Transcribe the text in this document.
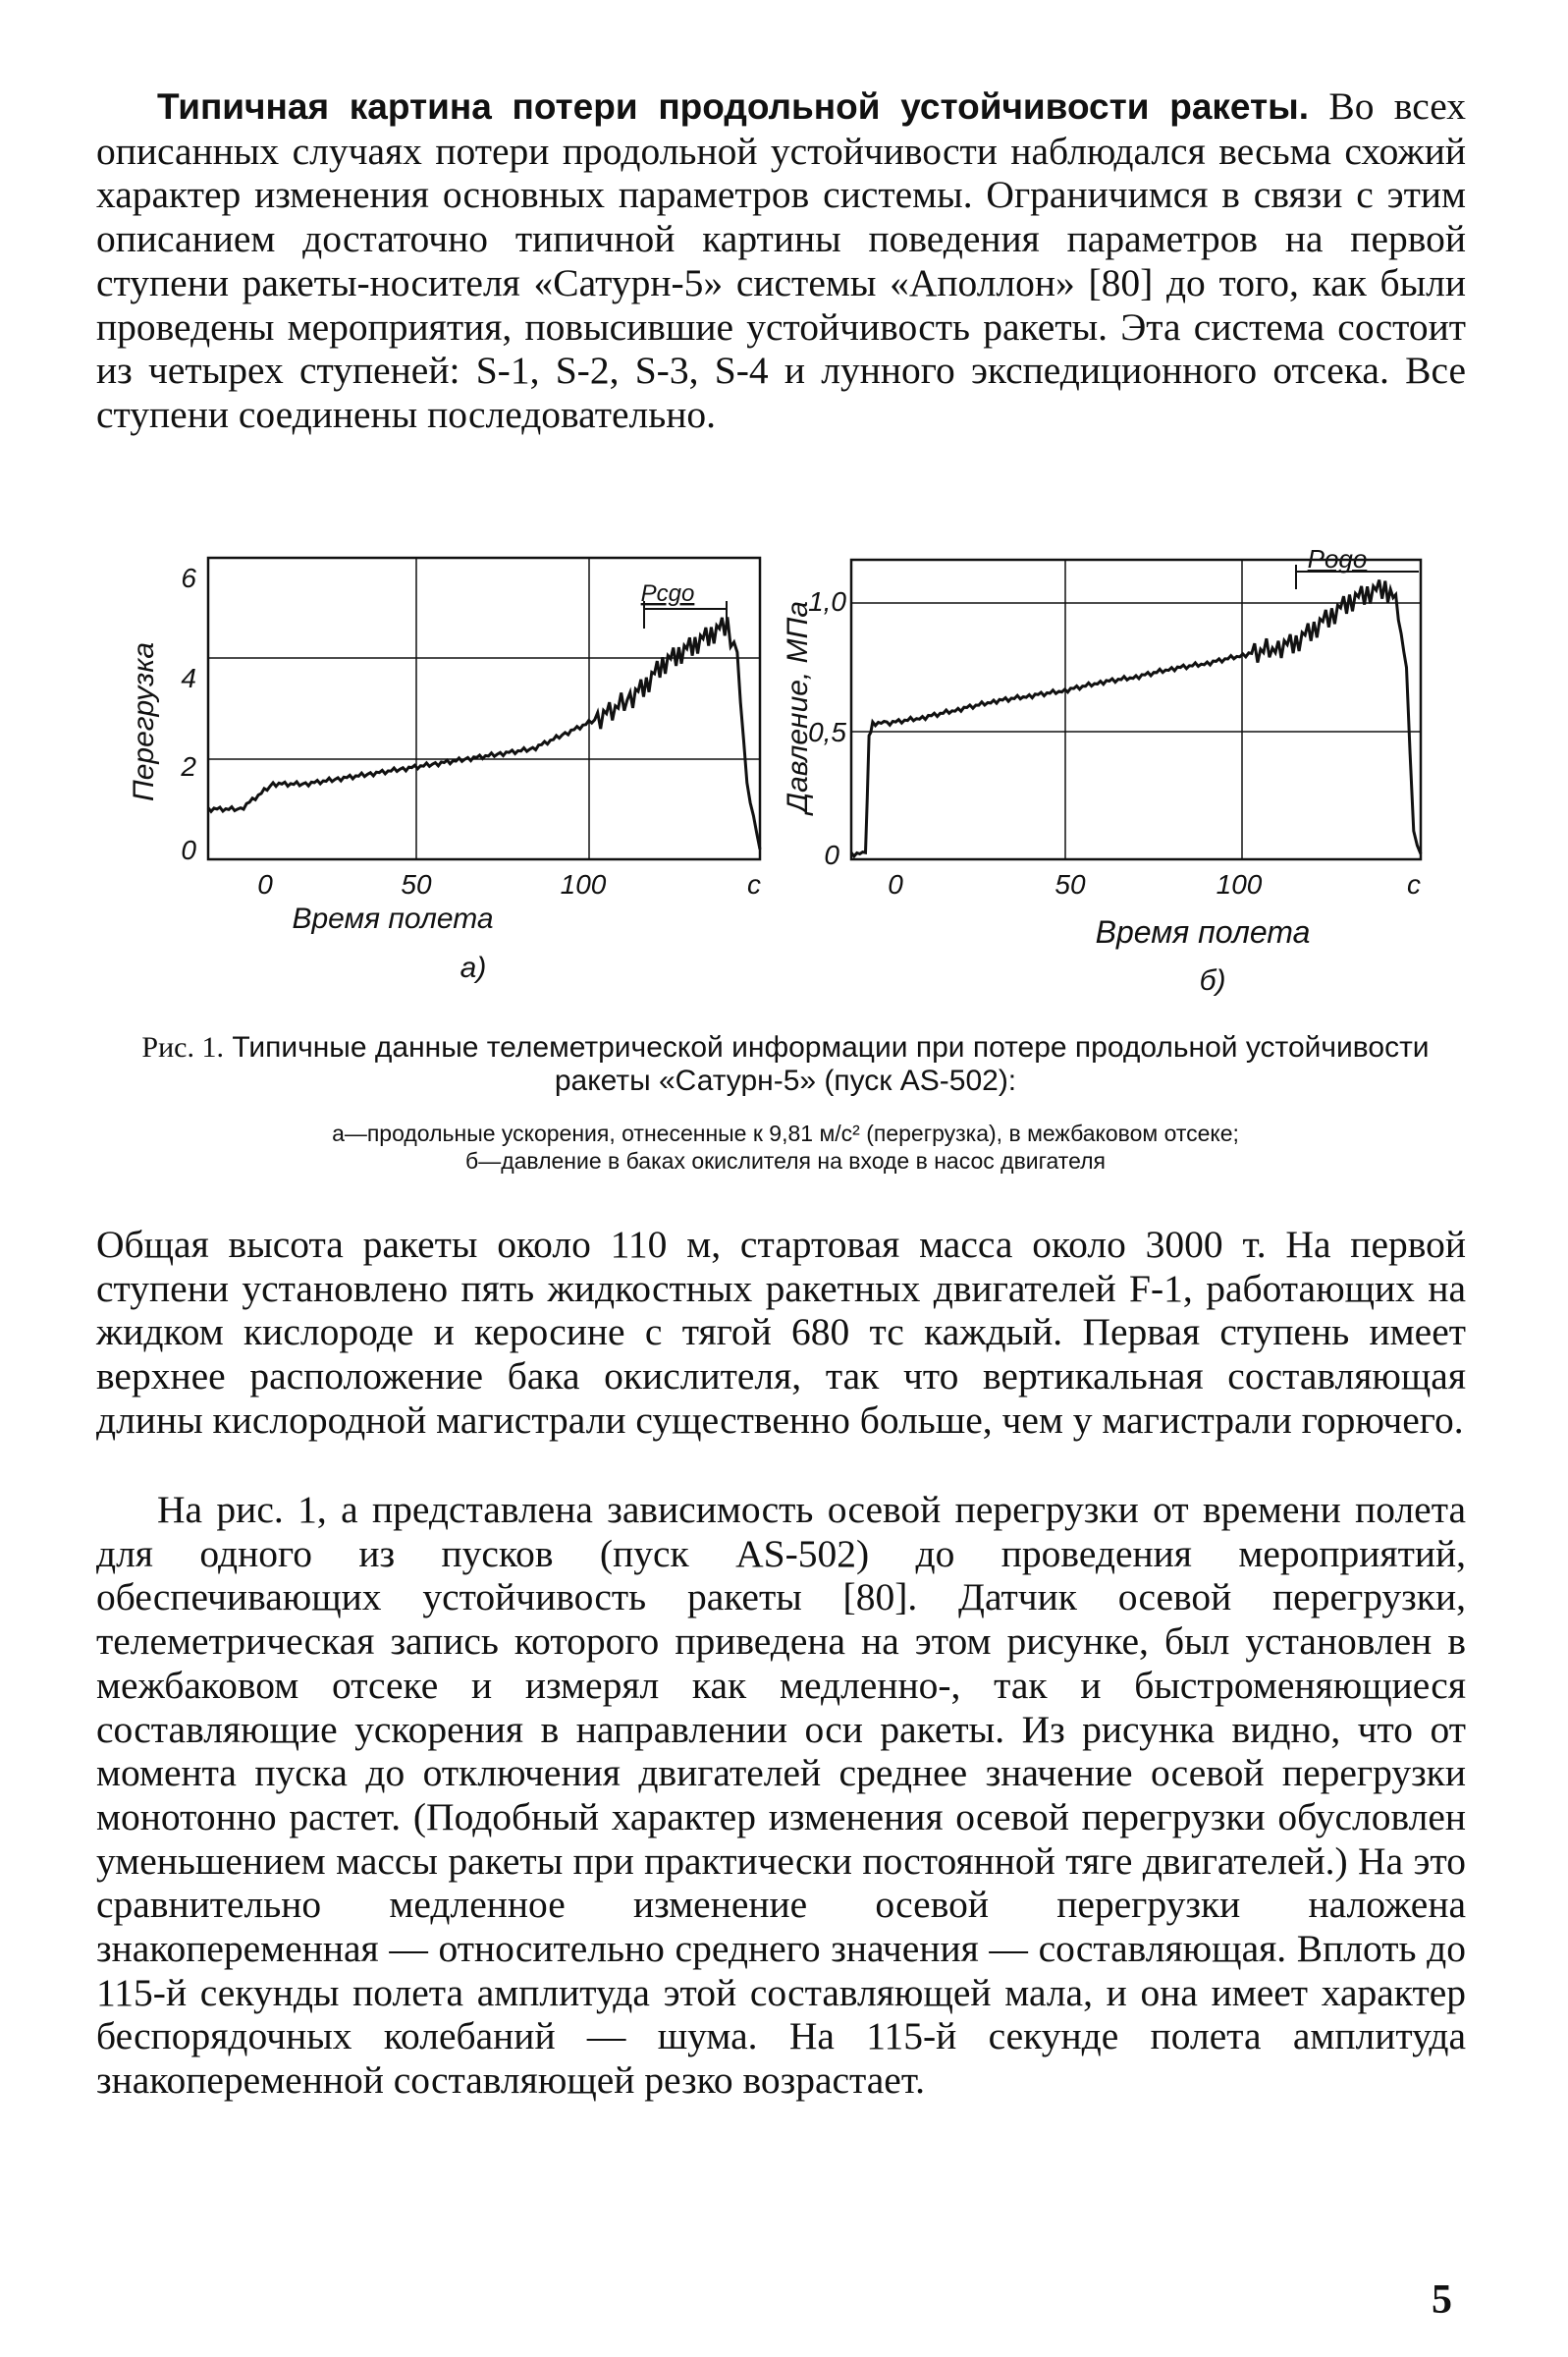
Типичная картина потери продольной устойчивости ракеты. Во всех описанных случаях потери продольной устойчивости наблюдался весьма схожий характер изменения основных параметров системы. Ограничимся в связи с этим описанием достаточно типичной картины поведения параметров на первой ступени ракеты-носителя «Сатурн-5» системы «Аполлон» [80] до того, как были проведены мероприятия, повысившие устойчивость ракеты. Эта система состоит из четырех ступеней: S-1, S-2, S-3, S-4 и лунного экспедиционного отсека. Все ступени соединены последовательно.

Перегрузка
6
4
2
0
0	50	100	с
Время полета
а)
Pcgo
Давление, МПа
1,0
0,5
0
0	50	100	с
Время полета
б)
Pogo

Рис. 1. Типичные данные телеметрической информации при потере продольной устойчивости ракеты «Сатурн-5» (пуск AS-502):

а—продольные ускорения, отнесенные к 9,81 м/с² (перегрузка), в межбаковом отсеке;
б—давление в баках окислителя на входе в насос двигателя

Общая высота ракеты около 110 м, стартовая масса около 3000 т. На первой ступени установлено пять жидкостных ракетных двигателей F-1, работающих на жидком кислороде и керосине с тягой 680 тс каждый. Первая ступень имеет верхнее расположение бака окислителя, так что вертикальная составляющая длины кислородной магистрали существенно больше, чем у магистрали горючего.

На рис. 1, а представлена зависимость осевой перегрузки от времени полета для одного из пусков (пуск AS-502) до проведения мероприятий, обеспечивающих устойчивость ракеты [80]. Датчик осевой перегрузки, телеметрическая запись которого приведена на этом рисунке, был установлен в межбаковом отсеке и измерял как медленно-, так и быстроменяющиеся составляющие ускорения в направлении оси ракеты. Из рисунка видно, что от момента пуска до отключения двигателей среднее значение осевой перегрузки монотонно растет. (Подобный характер изменения осевой перегрузки обусловлен уменьшением массы ракеты при практически постоянной тяге двигателей.) На это сравнительно медленное изменение осевой перегрузки наложена знакопеременная — относительно среднего значения — составляющая. Вплоть до 115-й секунды полета амплитуда этой составляющей мала, и она имеет характер беспорядочных колебаний — шума. На 115-й секунде полета амплитуда знакопеременной составляющей резко возрастает.

5
